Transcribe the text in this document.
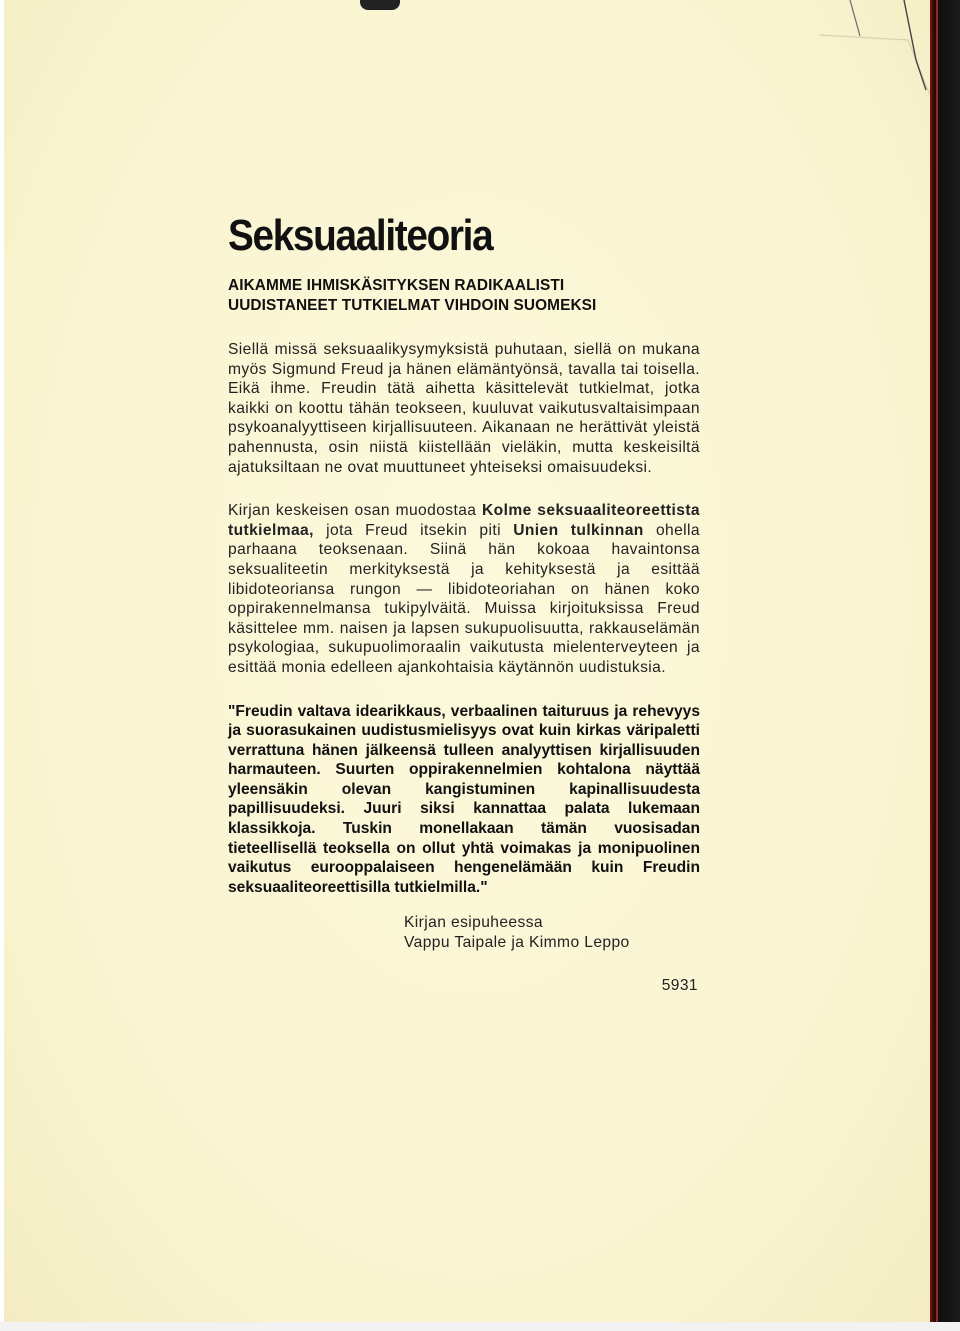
Seksuaaliteoria
AIKAMME IHMISKÄSITYKSEN RADIKAALISTI
UUDISTANEET TUTKIELMAT VIHDOIN SUOMEKSI

Siellä missä seksuaalikysymyksistä puhutaan, siellä on mukana myös Sigmund Freud ja hänen elämäntyönsä, tavalla tai toisella. Eikä ihme. Freudin tätä aihetta käsittelevät tutkielmat, jotka kaikki on koottu tähän teokseen, kuuluvat vaikutusvaltaisimpaan psykoanalyyttiseen kirjallisuuteen. Aikanaan ne herättivät yleistä pahennusta, osin niistä kiistellään vieläkin, mutta keskeisiltä ajatuksiltaan ne ovat muuttuneet yhteiseksi omaisuudeksi.

Kirjan keskeisen osan muodostaa Kolme seksuaaliteoreettista tutkielmaa, jota Freud itsekin piti Unien tulkinnan ohella parhaana teoksenaan. Siinä hän kokoaa havaintonsa seksualiteetin merkityksestä ja kehityksestä ja esittää libidoteoriansa rungon — libidoteoriahan on hänen koko oppirakennelmansa tukipylväitä. Muissa kirjoituksissa Freud käsittelee mm. naisen ja lapsen sukupuolisuutta, rakkauselämän psykologiaa, sukupuolimoraalin vaikutusta mielenterveyteen ja esittää monia edelleen ajankohtaisia käytännön uudistuksia.

"Freudin valtava idearikkaus, verbaalinen taituruus ja rehevyys ja suorasukainen uudistusmielisyys ovat kuin kirkas väripaletti verrattuna hänen jälkeensä tulleen analyyttisen kirjallisuuden harmauteen. Suurten oppirakennelmien kohtalona näyttää yleensäkin olevan kangistuminen kapinallisuudesta papillisuudeksi. Juuri siksi kannattaa palata lukemaan klassikkoja. Tuskin monellakaan tämän vuosisadan tieteellisellä teoksella on ollut yhtä voimakas ja monipuolinen vaikutus eurooppalaiseen hengenelämään kuin Freudin seksuaaliteoreettisilla tutkielmilla."

Kirjan esipuheessa
Vappu Taipale ja Kimmo Leppo
5931
